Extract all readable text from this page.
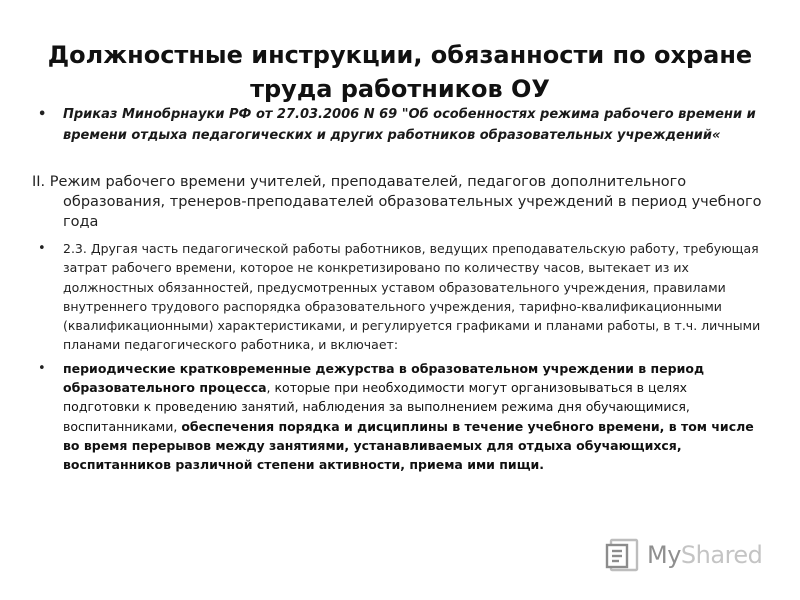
Должностные инструкции, обязанности по охране труда работников ОУ
• Приказ Минобрнауки РФ от 27.03.2006 N 69 "Об особенностях режима рабочего времени и времени отдыха педагогических и других работников образовательных учреждений«
II. Режим рабочего времени учителей, преподавателей, педагогов дополнительного образования, тренеров-преподавателей образовательных учреждений в период учебного года
• 2.3. Другая часть педагогической работы работников, ведущих преподавательскую работу, требующая затрат рабочего времени, которое не конкретизировано по количеству часов, вытекает из их должностных обязанностей, предусмотренных уставом образовательного учреждения, правилами внутреннего трудового распорядка образовательного учреждения, тарифно-квалификационными (квалификационными) характеристиками, и регулируется графиками и планами работы, в т.ч. личными планами педагогического работника, и включает:
• периодические кратковременные дежурства в образовательном учреждении в период образовательного процесса, которые при необходимости могут организовываться в целях подготовки к проведению занятий, наблюдения за выполнением режима дня обучающимися, воспитанниками, обеспечения порядка и дисциплины в течение учебного времени, в том числе во время перерывов между занятиями, устанавливаемых для отдыха обучающихся, воспитанников различной степени активности, приема ими пищи.
MyShared
